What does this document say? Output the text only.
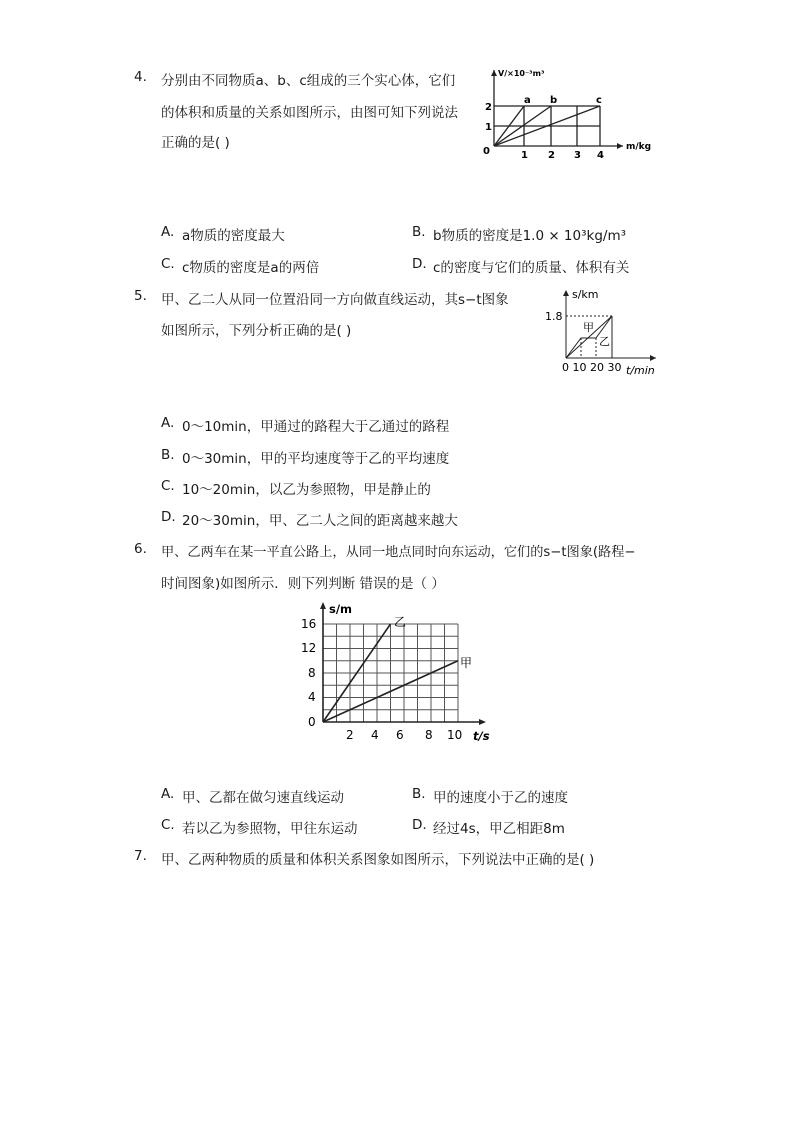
4. 分别由不同物质a、b、c组成的三个实心体，它们
的体积和质量的关系如图所示，由图可知下列说法
正确的是( )
V/×10⁻³m³
m/kg
0
1
2
1 2 3 4
a b	c
A. a物质的密度最大	B. b物质的密度是1.0 × 10³kg/m³
C. c物质的密度是a的两倍	D. c的密度与它们的质量、体积有关
5. 甲、乙二人从同一位置沿同一方向做直线运动，其s−t图象
如图所示，下列分析正确的是( )
s/km
t/min
1.8
0 10 20 30
甲
乙
A. 0～10min，甲通过的路程大于乙通过的路程
B. 0～30min，甲的平均速度等于乙的平均速度
C. 10～20min，以乙为参照物，甲是静止的
D. 20～30min，甲、乙二人之间的距离越来越大
6. 甲、乙两车在某一平直公路上，从同一地点同时向东运动，它们的s−t图象(路程−
时间图象)如图所示．则下列判断 错误的是（ ）
s/m
t/s
0
4
8
12
16
2 4 6 8 10
甲
乙
A. 甲、乙都在做匀速直线运动	B. 甲的速度小于乙的速度
C. 若以乙为参照物，甲往东运动	D. 经过4s，甲乙相距8m
7. 甲、乙两种物质的质量和体积关系图象如图所示，下列说法中正确的是( )
